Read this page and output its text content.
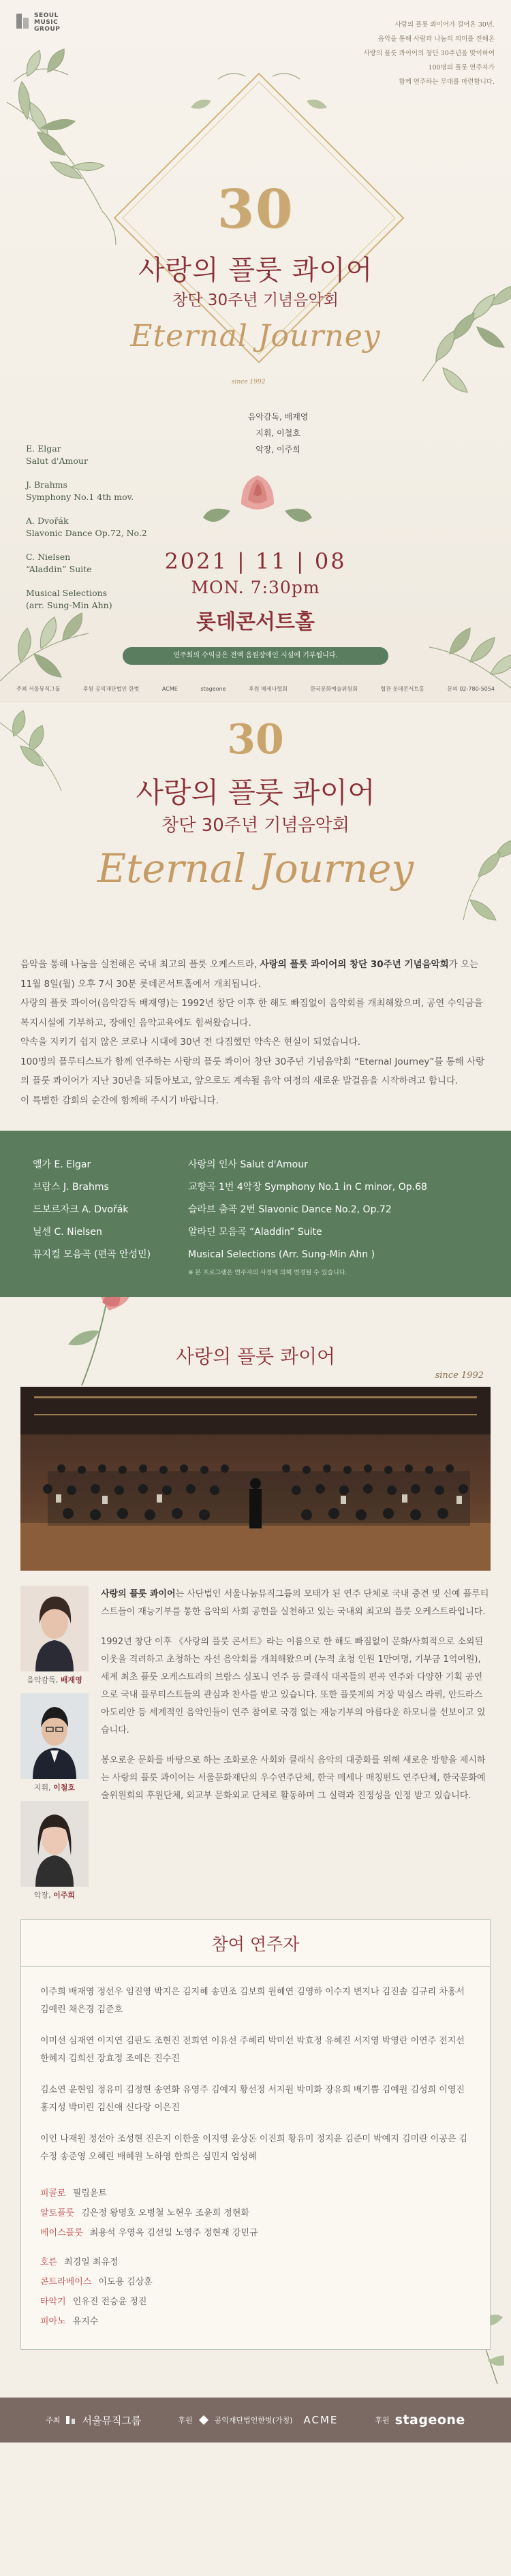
SEOUL
MUSIC
GROUP
사랑의 플룻 콰이어가 걸어온 30년.
음악을 통해 사람과 나눔의 의미를 전해온
사랑의 플룻 콰이어의 창단 30주년을 맞이하여
100명의 플룻 연주자가
함께 연주하는 무대를 마련합니다.
30
사랑의 플룻 콰이어
창단 30주년 기념음악회
Eternal Journey
since 1992
음악감독, 배재영
지휘, 이철호
악장, 이주희

E. Elgar
Salut d'Amour

J. Brahms
Symphony No.1 4th mov.

A. Dvořák
Slavonic Dance Op.72, No.2

C. Nielsen
“Aladdin” Suite

Musical Selections
(arr. Sung-Min Ahn)

2021 | 11 | 08
MON. 7:30pm
롯데콘서트홀
연주회의 수익금은 전액 음원장애인 시설에 기부됩니다.
주최 서울뮤직그룹	후원 공익재단법인 한벗	ACME	stageone	후원 메세나협회	한국문화예술위원회	협찬 롯데콘서트홀	문의 02-780-5054
30
사랑의 플룻 콰이어
창단 30주년 기념음악회
Eternal Journey

음악을 통해 나눔을 실천해온 국내 최고의 플룻 오케스트라, 사랑의 플룻 콰이어의 창단 30주년 기념음악회가 오는 11월 8일(월) 오후 7시 30분 롯데콘서트홀에서 개최됩니다.

사랑의 플룻 콰이어(음악감독 배재영)는 1992년 창단 이후 한 해도 빠짐없이 음악회를 개최해왔으며, 공연 수익금을 복지시설에 기부하고, 장애인 음악교육에도 힘써왔습니다.

약속을 지키기 쉽지 않은 코로나 시대에 30년 전 다짐했던 약속은 현실이 되었습니다.

100명의 플루티스트가 함께 연주하는 사랑의 플룻 콰이어 창단 30주년 기념음악회 “Eternal Journey”를 통해 사랑의 플룻 콰이어가 지난 30년을 되돌아보고, 앞으로도 계속될 음악 여정의 새로운 발걸음을 시작하려고 합니다.

이 특별한 감회의 순간에 함께해 주시기 바랍니다.

엘가 E. Elgar	사랑의 인사 Salut d'Amour
브람스 J. Brahms	교향곡 1번 4악장 Symphony No.1 in C minor, Op.68
드보르자크 A. Dvořák	슬라브 춤곡 2번 Slavonic Dance No.2, Op.72
닐센 C. Nielsen	알라딘 모음곡 “Aladdin” Suite
뮤지컬 모음곡 (편곡 안성민)	Musical Selections (Arr. Sung-Min Ahn )
※ 본 프로그램은 연주자의 사정에 의해 변경될 수 있습니다.
사랑의 플룻 콰이어
since 1992
음악감독, 배재영
지휘, 이철호
악장, 이주희

사랑의 플룻 콰이어는 사단법인 서울나눔뮤직그룹의 모태가 된 연주 단체로 국내 중견 및 신예 플루티스트들이 재능기부를 통한 음악의 사회 공헌을 실천하고 있는 국내외 최고의 플룻 오케스트라입니다.

1992년 창단 이후 《사랑의 플룻 콘서트》라는 이름으로 한 해도 빠짐없이 문화/사회적으로 소외된 이웃을 격려하고 초청하는 자선 음악회를 개최해왔으며 (누적 초청 인원 1만여명, 기부금 1억여원), 세계 최초 플룻 오케스트라의 브람스 심포니 연주 등 클래식 대곡들의 편곡 연주와 다양한 기획 공연으로 국내 플루티스트들의 관심과 찬사를 받고 있습니다. 또한 플룻계의 거장 막심스 라뤼, 안드라스 아도리안 등 세계적인 음악인들이 연주 참여로 국경 없는 재능기부의 아름다운 하모니를 선보이고 있습니다.

봉오로운 문화를 바탕으로 하는 조화로운 사회와 클래식 음악의 대중화를 위해 새로운 방향을 제시하는 사랑의 플룻 콰이어는 서울문화재단의 우수연주단체, 한국 메세나 매칭펀드 연주단체, 한국문화예술위원회의 후원단체, 외교부 문화외교 단체로 활동하며 그 실력과 진정성을 인정 받고 있습니다.

참여 연주자

이주희 배재영 정선우 임진영 박지은 김지혜 송민조 김보희 원혜연 김영하 이수지 변지나 김진솔 김규리 차홍서 김예린 채은경 김준호

이미선 심재연 이지연 김판도 조현진 전희연 이유선 주혜리 박미선 박효정 유혜진 서지영 박영란 이연주 전지선 한혜지 김희선 장효정 조예은 진수진

김소연 윤현임 정유미 김정현 송연화 유영주 김예지 황선정 서지원 박미화 장유희 배기쁨 김예원 김성희 이영진 홍지성 박미린 김신애 신다랑 이은진

이인 나재원 정선아 조성현 진은지 이한울 이지영 윤상돈 이진희 황유미 정지윤 김준미 박예지 김미란 이공은 김수정 송준영 오혜린 배혜원 노하영 한희은 심민지 엄성혜

피콜로 필립윤트
알토플룻 김은정 왕명호 오병철 노현우 조윤희 정현화
베이스플룻 최용석 우영옥 김선일 노영주 정현재 강민규
호른 최경일 최유정
콘트라베이스 이도용 김상훈
타악기 인유진 전승윤 정진
피아노 유지수
주최 서울뮤직그룹	후원	공익재단법인한벗(가칭) ACME	후원 stageone
